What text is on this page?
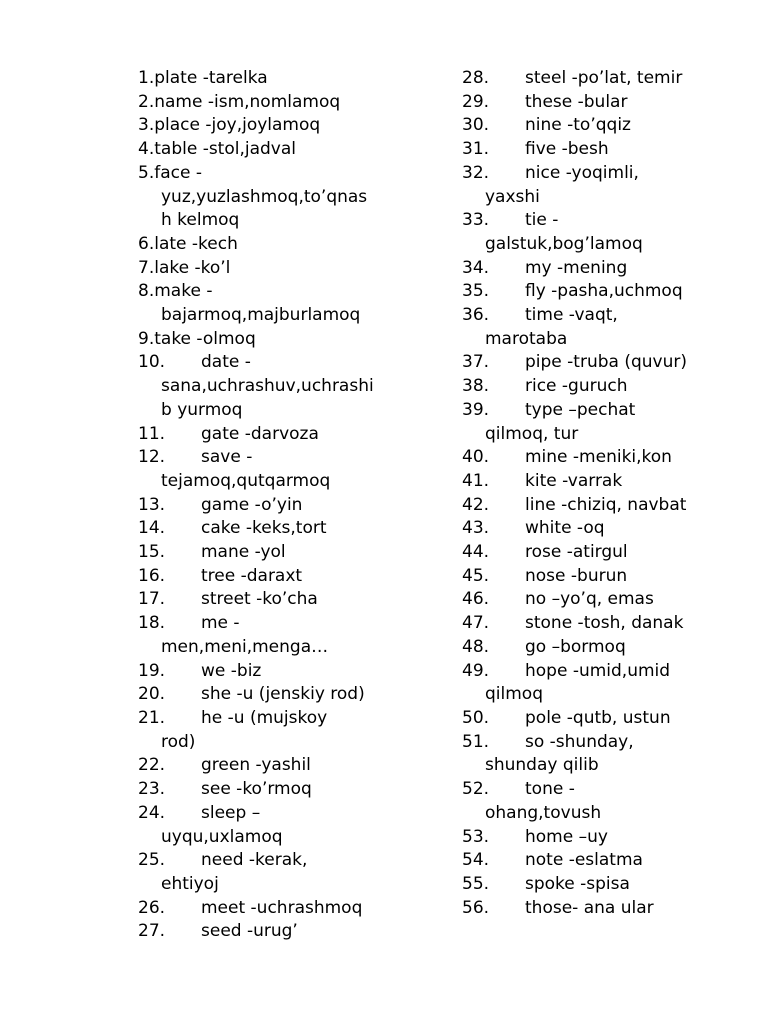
1.plate -tarelka
2.name -ism,nomlamoq
3.place -joy,joylamoq
4.table -stol,jadval
5.face -
yuz,yuzlashmoq,to’qnas
h kelmoq
6.late -kech
7.lake -ko’l
8.make -
bajarmoq,majburlamoq
9.take -olmoq
10. date -
sana,uchrashuv,uchrashi
b yurmoq
11. gate -darvoza
12. save -
tejamoq,qutqarmoq
13. game -o’yin
14. cake -keks,tort
15. mane -yol
16. tree -daraxt
17. street -ko’cha
18. me -
men,meni,menga…
19. we -biz
20. she -u (jenskiy rod)
21. he -u (mujskoy
rod)
22. green -yashil
23. see -ko’rmoq
24. sleep –
uyqu,uxlamoq
25. need -kerak,
ehtiyoj
26. meet -uchrashmoq
27. seed -urug’
28. steel -po’lat, temir
29. these -bular
30. nine -to’qqiz
31. five -besh
32. nice -yoqimli,
yaxshi
33. tie -
galstuk,bog’lamoq
34. my -mening
35. fly -pasha,uchmoq
36. time -vaqt,
marotaba
37. pipe -truba (quvur)
38. rice -guruch
39. type –pechat
qilmoq, tur
40. mine -meniki,kon
41. kite -varrak
42. line -chiziq, navbat
43. white -oq
44. rose -atirgul
45. nose -burun
46. no –yo’q, emas
47. stone -tosh, danak
48. go –bormoq
49. hope -umid,umid
qilmoq
50. pole -qutb, ustun
51. so -shunday,
shunday qilib
52. tone -
ohang,tovush
53. home –uy
54. note -eslatma
55. spoke -spisa
56. those- ana ular
